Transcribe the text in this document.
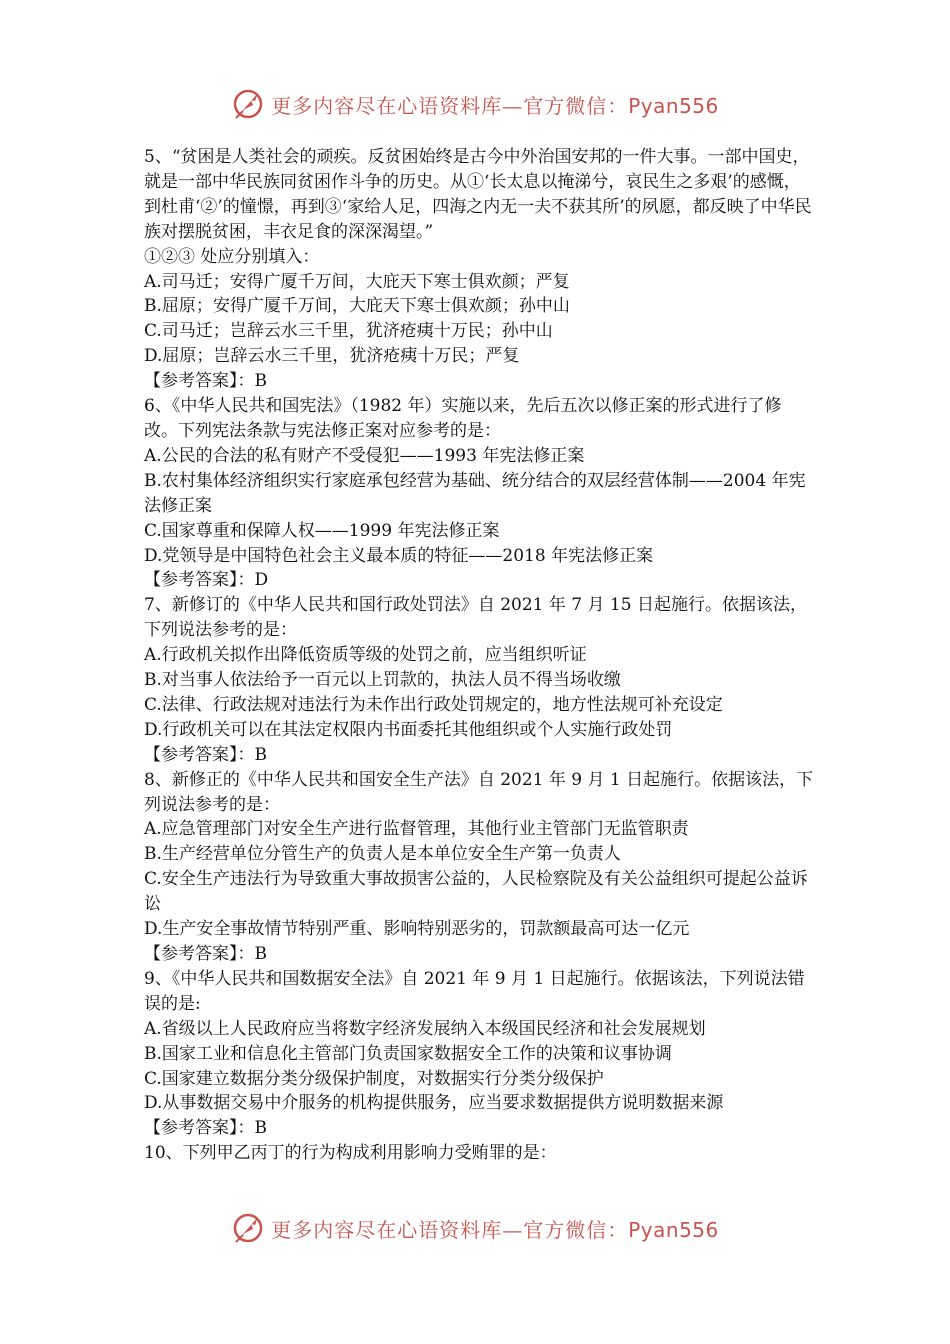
更多内容尽在心语资料库—官方微信：Pyan556

5、“贫困是人类社会的顽疾。反贫困始终是古今中外治国安邦的一件大事。一部中国史，就是一部中华民族同贫困作斗争的历史。从①‘长太息以掩涕兮，哀民生之多艰’的感慨，到杜甫‘②’的憧憬，再到③‘家给人足，四海之内无一夫不获其所’的夙愿，都反映了中华民族对摆脱贫困，丰衣足食的深深渴望。”

①②③ 处应分别填入：

A.司马迁；安得广厦千万间，大庇天下寒士俱欢颜；严复

B.屈原；安得广厦千万间，大庇天下寒士俱欢颜；孙中山

C.司马迁；岂辞云水三千里，犹济疮痍十万民；孙中山

D.屈原；岂辞云水三千里，犹济疮痍十万民；严复

【参考答案】：B

6、《中华人民共和国宪法》（1982 年）实施以来，先后五次以修正案的形式进行了修改。下列宪法条款与宪法修正案对应参考的是：

A.公民的合法的私有财产不受侵犯——1993 年宪法修正案

B.农村集体经济组织实行家庭承包经营为基础、统分结合的双层经营体制——2004 年宪法修正案

C.国家尊重和保障人权——1999 年宪法修正案

D.党领导是中国特色社会主义最本质的特征——2018 年宪法修正案

【参考答案】：D

7、新修订的《中华人民共和国行政处罚法》自 2021 年 7 月 15 日起施行。依据该法，下列说法参考的是：

A.行政机关拟作出降低资质等级的处罚之前，应当组织听证

B.对当事人依法给予一百元以上罚款的，执法人员不得当场收缴

C.法律、行政法规对违法行为未作出行政处罚规定的，地方性法规可补充设定

D.行政机关可以在其法定权限内书面委托其他组织或个人实施行政处罚

【参考答案】：B

8、新修正的《中华人民共和国安全生产法》自 2021 年 9 月 1 日起施行。依据该法，下列说法参考的是：

A.应急管理部门对安全生产进行监督管理，其他行业主管部门无监管职责

B.生产经营单位分管生产的负责人是本单位安全生产第一负责人

C.安全生产违法行为导致重大事故损害公益的，人民检察院及有关公益组织可提起公益诉讼

D.生产安全事故情节特别严重、影响特别恶劣的，罚款额最高可达一亿元

【参考答案】：B

9、《中华人民共和国数据安全法》自 2021 年 9 月 1 日起施行。依据该法，下列说法错误的是:

A.省级以上人民政府应当将数字经济发展纳入本级国民经济和社会发展规划

B.国家工业和信息化主管部门负责国家数据安全工作的决策和议事协调

C.国家建立数据分类分级保护制度，对数据实行分类分级保护

D.从事数据交易中介服务的机构提供服务，应当要求数据提供方说明数据来源

【参考答案】：B

10、下列甲乙丙丁的行为构成利用影响力受贿罪的是：

更多内容尽在心语资料库—官方微信：Pyan556
